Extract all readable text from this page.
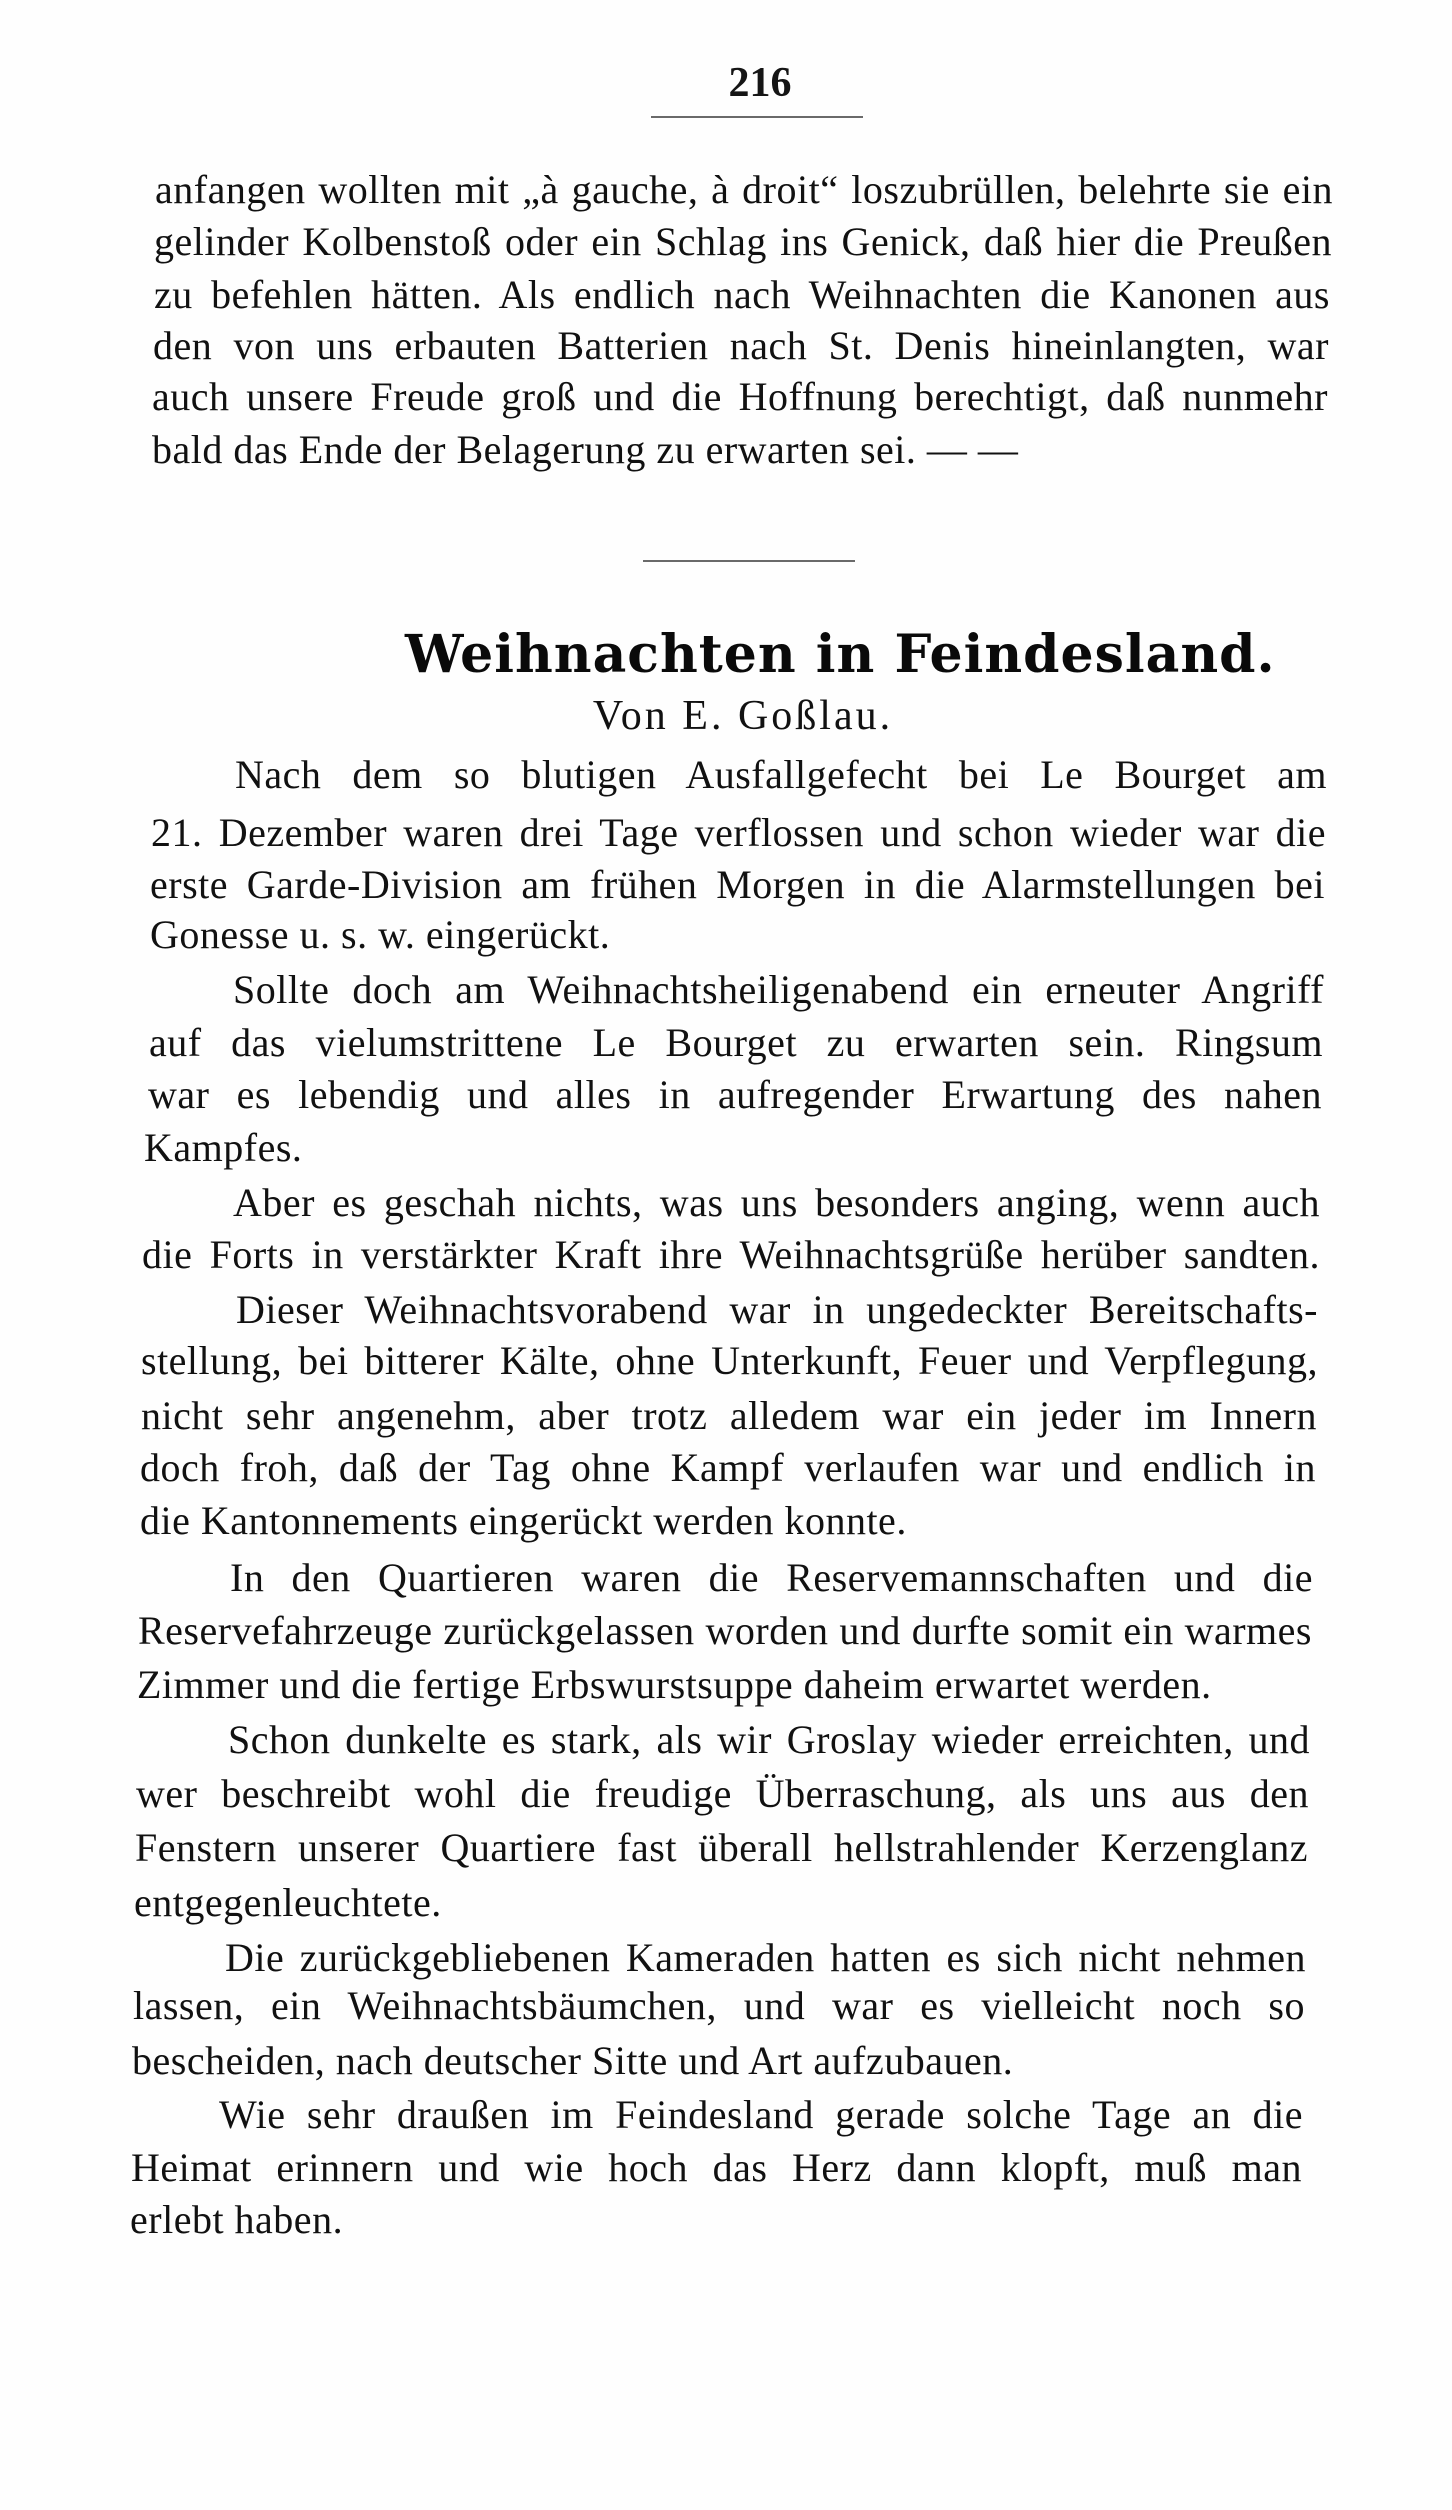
216
anfangen wollten mit „à gauche, à droit“ loszubrüllen, belehrte sie ein
gelinder Kolbenstoß oder ein Schlag ins Genick, daß hier die Preußen
zu befehlen hätten. Als endlich nach Weihnachten die Kanonen aus
den von uns erbauten Batterien nach St. Denis hineinlangten, war
auch unsere Freude groß und die Hoffnung berechtigt, daß nunmehr
bald das Ende der Belagerung zu erwarten sei. — —
Weihnachten in Feindesland.
Von E. Goßlau.
Nach dem so blutigen Ausfallgefecht bei Le Bourget am
21. Dezember waren drei Tage verflossen und schon wieder war die
erste Garde-Division am frühen Morgen in die Alarmstellungen bei
Gonesse u. s. w. eingerückt.
Sollte doch am Weihnachtsheiligenabend ein erneuter Angriff
auf das vielumstrittene Le Bourget zu erwarten sein. Ringsum
war es lebendig und alles in aufregender Erwartung des nahen
Kampfes.
Aber es geschah nichts, was uns besonders anging, wenn auch
die Forts in verstärkter Kraft ihre Weihnachtsgrüße herüber sandten.
Dieser Weihnachtsvorabend war in ungedeckter Bereitschafts-
stellung, bei bitterer Kälte, ohne Unterkunft, Feuer und Verpflegung,
nicht sehr angenehm, aber trotz alledem war ein jeder im Innern
doch froh, daß der Tag ohne Kampf verlaufen war und endlich in
die Kantonnements eingerückt werden konnte.
In den Quartieren waren die Reservemannschaften und die
Reservefahrzeuge zurückgelassen worden und durfte somit ein warmes
Zimmer und die fertige Erbswurstsuppe daheim erwartet werden.
Schon dunkelte es stark, als wir Groslay wieder erreichten, und
wer beschreibt wohl die freudige Überraschung, als uns aus den
Fenstern unserer Quartiere fast überall hellstrahlender Kerzenglanz
entgegenleuchtete.
Die zurückgebliebenen Kameraden hatten es sich nicht nehmen
lassen, ein Weihnachtsbäumchen, und war es vielleicht noch so
bescheiden, nach deutscher Sitte und Art aufzubauen.
Wie sehr draußen im Feindesland gerade solche Tage an die
Heimat erinnern und wie hoch das Herz dann klopft, muß man
erlebt haben.
